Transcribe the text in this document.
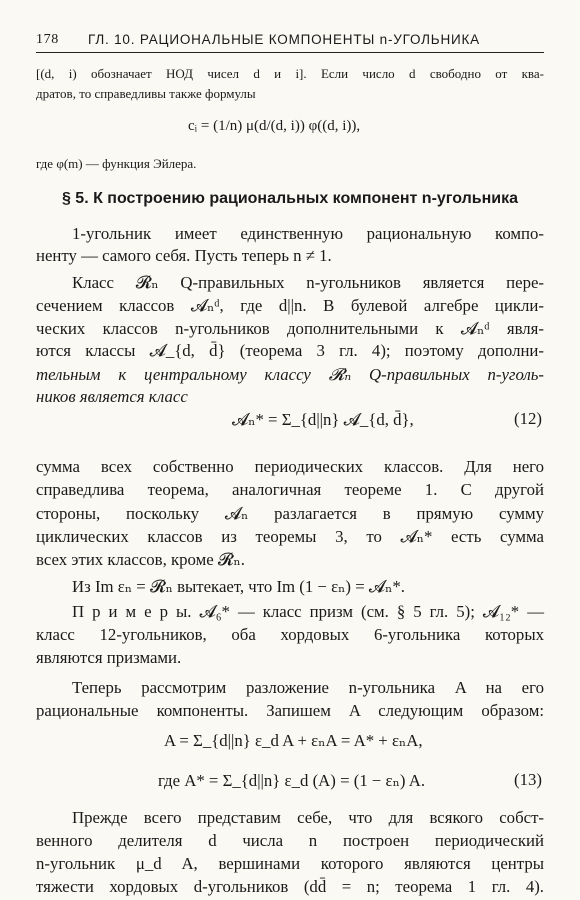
178 ГЛ. 10. РАЦИОНАЛЬНЫЕ КОМПОНЕНТЫ n-УГОЛЬНИКА
[(d, i) обозначает НОД чисел d и i]. Если число d свободно от ква-
дратов, то справедливы также формулы
cᵢ = (1/n) μ(d/(d, i)) φ((d, i)),
где φ(m) — функция Эйлера.
§ 5. К построению рациональных компонент n-угольника
1-угольник имеет единственную рациональную компо-
ненту — самого себя. Пусть теперь n ≠ 1.
Класс 𝓡ₙ Q-правильных n-угольников является пере-
сечением классов 𝓐ₙᵈ, где d||n. В булевой алгебре цикли-
ческих классов n-угольников дополнительными к 𝓐ₙᵈ явля-
ются классы 𝓐_{d, d̄} (теорема 3 гл. 4); поэтому дополни-
тельным к центральному классу 𝓡ₙ Q-правильных n-уголь-
ников является класс
𝓐ₙ* = Σ_{d||n} 𝓐_{d, d̄},	(12)
сумма всех собственно периодических классов. Для него
справедлива теорема, аналогичная теореме 1. С другой
стороны, поскольку 𝓐ₙ разлагается в прямую сумму
циклических классов из теоремы 3, то 𝓐ₙ* есть сумма
всех этих классов, кроме 𝓡ₙ.
Из Im εₙ = 𝓡ₙ вытекает, что Im (1 − εₙ) = 𝓐ₙ*.
П р и м е р ы. 𝓐₆* — класс призм (см. § 5 гл. 5); 𝓐₁₂* —
класс 12-угольников, оба хордовых 6-угольника которых
являются призмами.
Теперь рассмотрим разложение n-угольника A на его
рациональные компоненты. Запишем A следующим образом:
A = Σ_{d||n} ε_d A + εₙA = A* + εₙA,
где A* = Σ_{d||n} ε_d (A) = (1 − εₙ) A.	(13)
Прежде всего представим себе, что для всякого собст-
венного делителя d числа n построен периодический
n-угольник μ_d A, вершинами которого являются центры
тяжести хордовых d-угольников (dd̄ = n; теорема 1 гл. 4).
